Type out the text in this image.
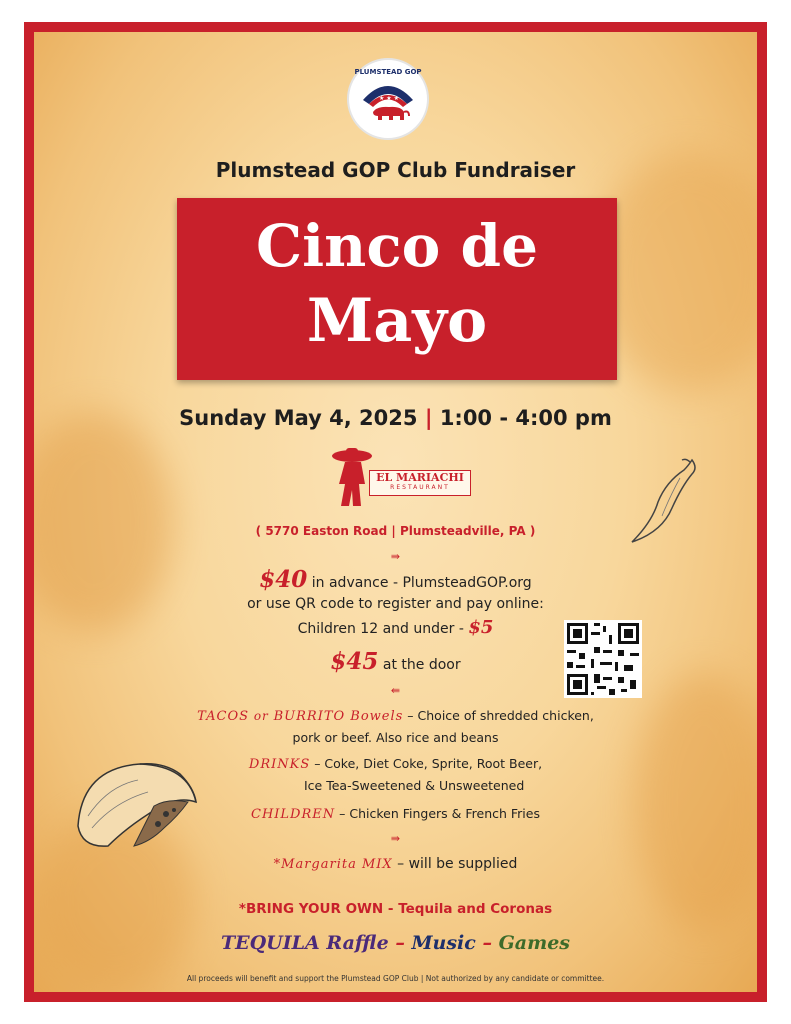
★ ★ ★
PLUMSTEAD GOP
Plumstead GOP Club Fundraiser
Cinco de
Mayo
Sunday May 4, 2025 | 1:00 - 4:00 pm
EL MARIACHI
RESTAURANT
( 5770 Easton Road | Plumsteadville, PA )
⇛
$40 in advance - PlumsteadGOP.org
or use QR code to register and pay online:
Children 12 and under - $5
$45 at the door
⇚
TACOS or BURRITO Bowels – Choice of shredded chicken,
pork or beef. Also rice and beans
DRINKS – Coke, Diet Coke, Sprite, Root Beer,
Ice Tea-Sweetened & Unsweetened
CHILDREN – Chicken Fingers & French Fries
⇛
*Margarita MIX – will be supplied
*BRING YOUR OWN - Tequila and Coronas
TEQUILA Raffle – Music – Games
All proceeds will benefit and support the Plumstead GOP Club | Not authorized by any candidate or committee.
